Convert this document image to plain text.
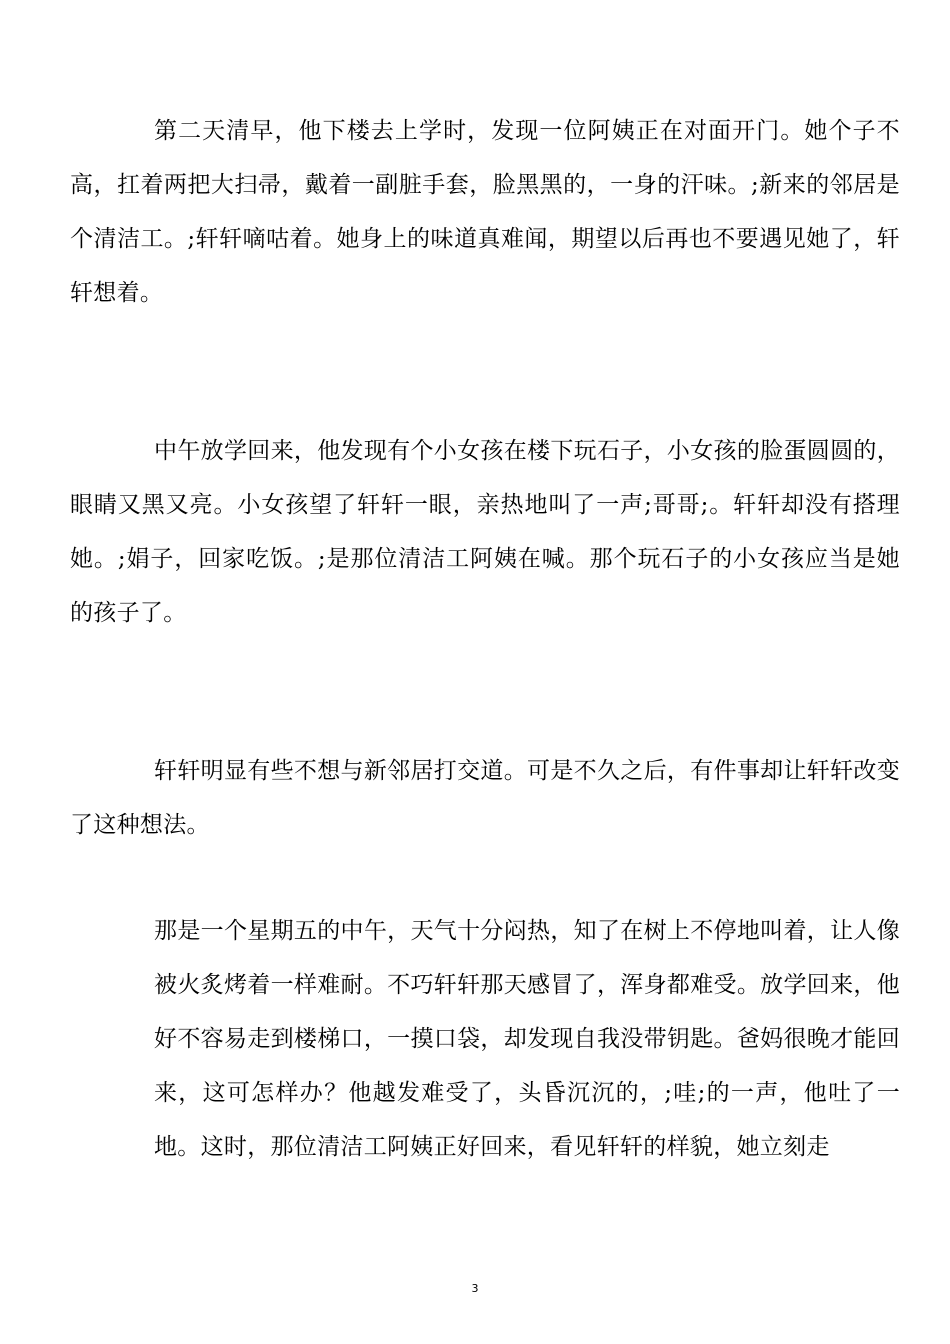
第二天清早，他下楼去上学时，发现一位阿姨正在对面开门。她个子不高，扛着两把大扫帚，戴着一副脏手套，脸黑黑的，一身的汗味。;新来的邻居是个清洁工。;轩轩嘀咕着。她身上的味道真难闻，期望以后再也不要遇见她了，轩轩想着。

中午放学回来，他发现有个小女孩在楼下玩石子，小女孩的脸蛋圆圆的，眼睛又黑又亮。小女孩望了轩轩一眼，亲热地叫了一声;哥哥;。轩轩却没有搭理她。;娟子，回家吃饭。;是那位清洁工阿姨在喊。那个玩石子的小女孩应当是她的孩子了。

轩轩明显有些不想与新邻居打交道。可是不久之后，有件事却让轩轩改变了这种想法。

那是一个星期五的中午，天气十分闷热，知了在树上不停地叫着，让人像被火炙烤着一样难耐。不巧轩轩那天感冒了，浑身都难受。放学回来，他好不容易走到楼梯口，一摸口袋，却发现自我没带钥匙。爸妈很晚才能回来，这可怎样办？他越发难受了，头昏沉沉的，;哇;的一声，他吐了一地。这时，那位清洁工阿姨正好回来，看见轩轩的样貌，她立刻走

3
